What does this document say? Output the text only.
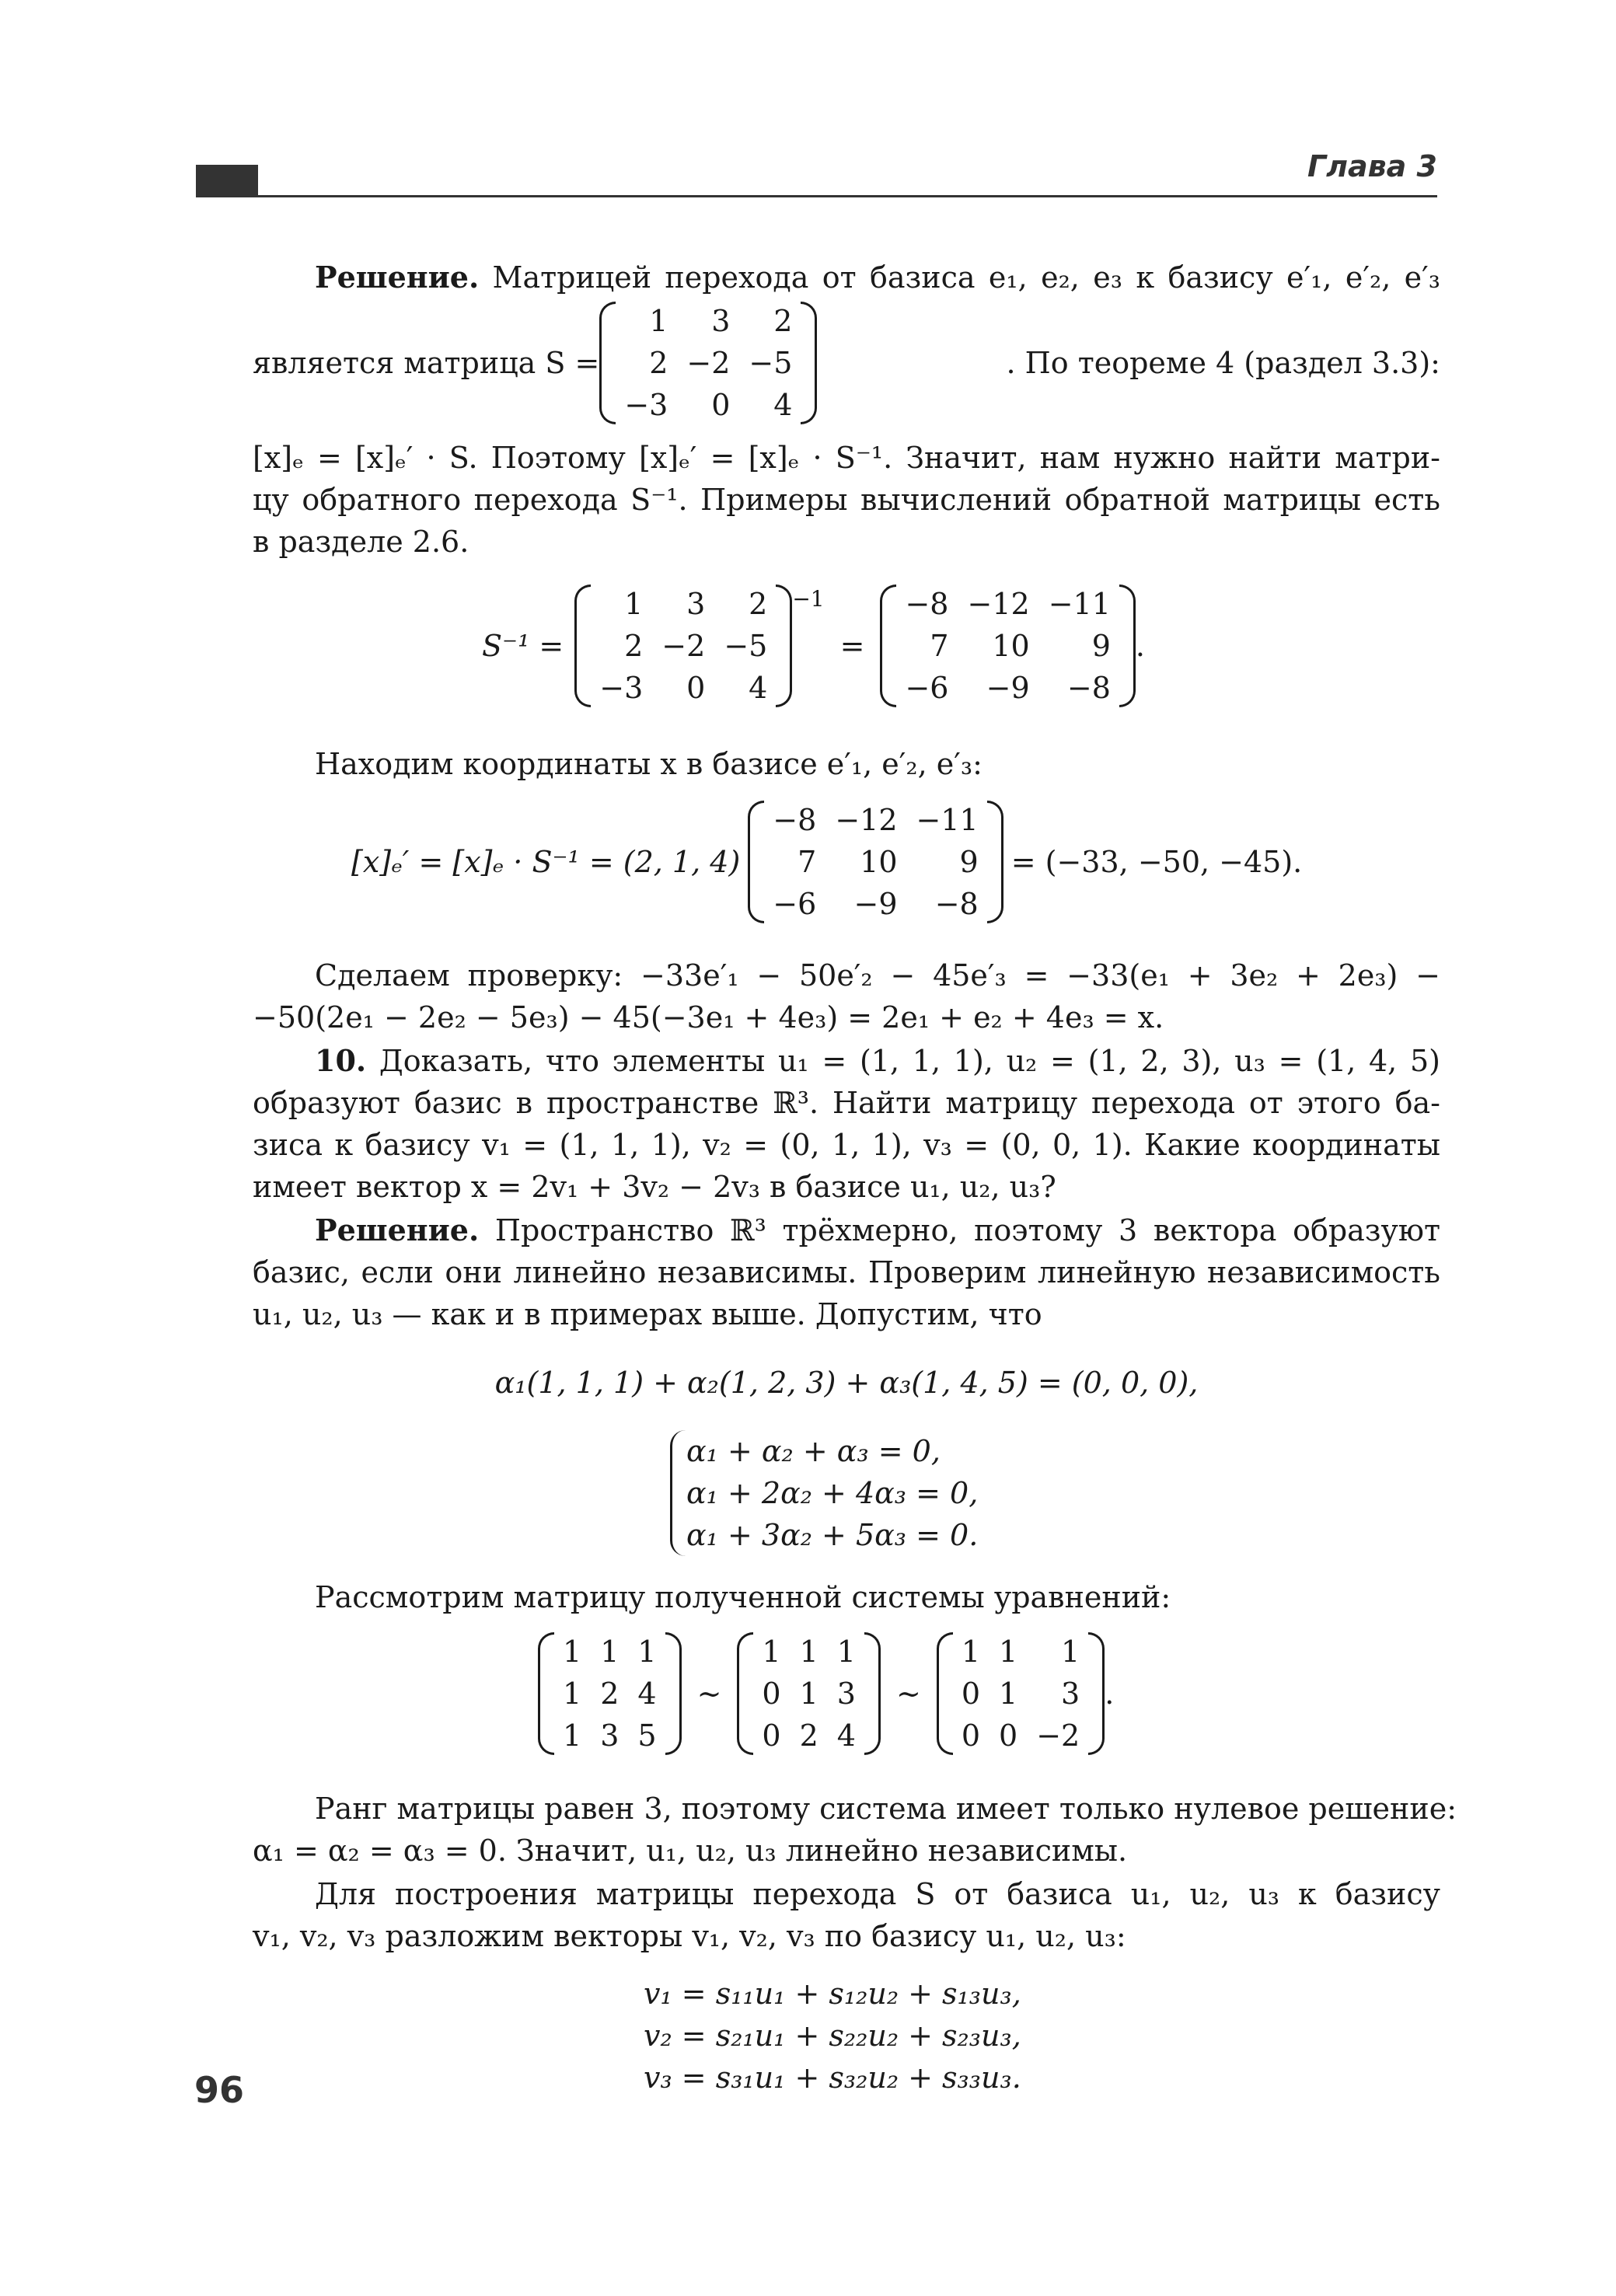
Глава 3
Решение. Матрицей перехода от базиса e₁, e₂, e₃ к базису e′₁, e′₂, e′₃
является матрица S =
1	3	2
2	−2	−5
−3	0	4
. По теореме 4 (раздел 3.3):
[x]ₑ = [x]ₑ′ · S. Поэтому [x]ₑ′ = [x]ₑ · S⁻¹. Значит, нам нужно найти матри-
цу обратного перехода S⁻¹. Примеры вычислений обратной матрицы есть
в разделе 2.6.
S⁻¹ =
1	3	2
2	−2	−5
−3	0	4
−1
=
−8	−12	−11
7	10	9
−6	−9	−8
.
Находим координаты x в базисе e′₁, e′₂, e′₃:
[x]ₑ′ = [x]ₑ · S⁻¹ = (2, 1, 4)
−8	−12	−11
7	10	9
−6	−9	−8
= (−33, −50, −45).
Сделаем проверку: −33e′₁ − 50e′₂ − 45e′₃ = −33(e₁ + 3e₂ + 2e₃) −
−50(2e₁ − 2e₂ − 5e₃) − 45(−3e₁ + 4e₃) = 2e₁ + e₂ + 4e₃ = x.
10. Доказать, что элементы u₁ = (1, 1, 1), u₂ = (1, 2, 3), u₃ = (1, 4, 5)
образуют базис в пространстве ℝ³. Найти матрицу перехода от этого ба-
зиса к базису v₁ = (1, 1, 1), v₂ = (0, 1, 1), v₃ = (0, 0, 1). Какие координаты
имеет вектор x = 2v₁ + 3v₂ − 2v₃ в базисе u₁, u₂, u₃?
Решение. Пространство ℝ³ трёхмерно, поэтому 3 вектора образуют
базис, если они линейно независимы. Проверим линейную независимость
u₁, u₂, u₃ — как и в примерах выше. Допустим, что
α₁(1, 1, 1) + α₂(1, 2, 3) + α₃(1, 4, 5) = (0, 0, 0),
α₁ + α₂ + α₃ = 0,
α₁ + 2α₂ + 4α₃ = 0,
α₁ + 3α₂ + 5α₃ = 0.
Рассмотрим матрицу полученной системы уравнений:
1	1	1
1	2	4
1	3	5
∼
1	1	1
0	1	3
0	2	4
∼
1	1	1
0	1	3
0	0	−2
.
Ранг матрицы равен 3, поэтому система имеет только нулевое решение:
α₁ = α₂ = α₃ = 0. Значит, u₁, u₂, u₃ линейно независимы.
Для построения матрицы перехода S от базиса u₁, u₂, u₃ к базису
v₁, v₂, v₃ разложим векторы v₁, v₂, v₃ по базису u₁, u₂, u₃:
v₁ = s₁₁u₁ + s₁₂u₂ + s₁₃u₃,
v₂ = s₂₁u₁ + s₂₂u₂ + s₂₃u₃,
v₃ = s₃₁u₁ + s₃₂u₂ + s₃₃u₃.
96
